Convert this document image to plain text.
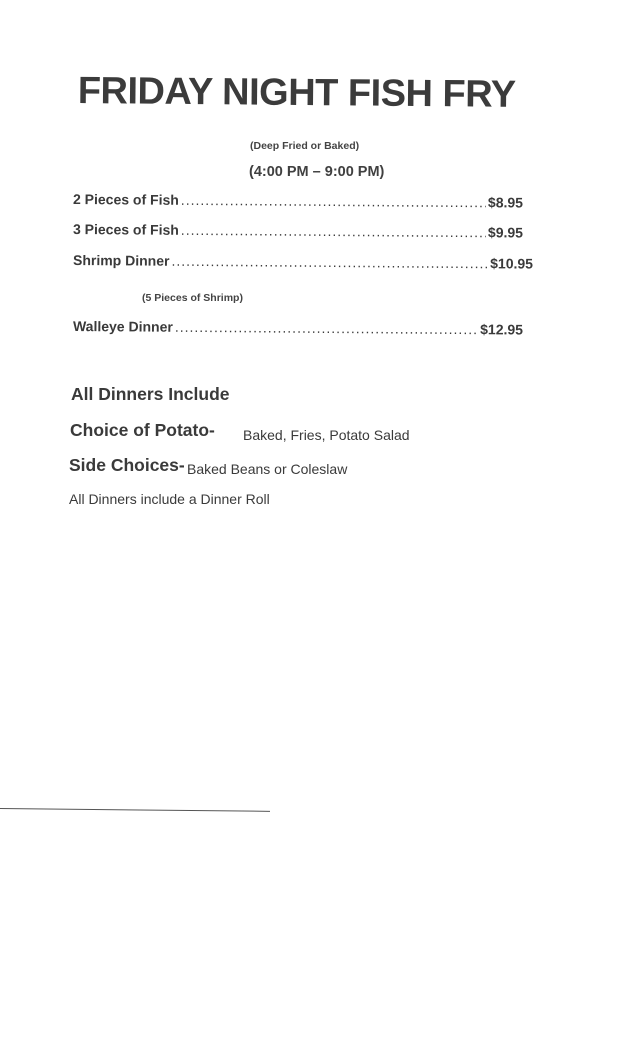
FRIDAY NIGHT FISH FRY
(Deep Fried or Baked)
(4:00 PM – 9:00 PM)
2 Pieces of Fish .....	$8.95
3 Pieces of Fish .....	$9.95
Shrimp Dinner .....	$10.95
(5 Pieces of Shrimp)
Walleye Dinner .....	$12.95
All Dinners Include
Choice of Potato- Baked, Fries, Potato Salad
Side Choices- Baked Beans or Coleslaw
All Dinners include a Dinner Roll
